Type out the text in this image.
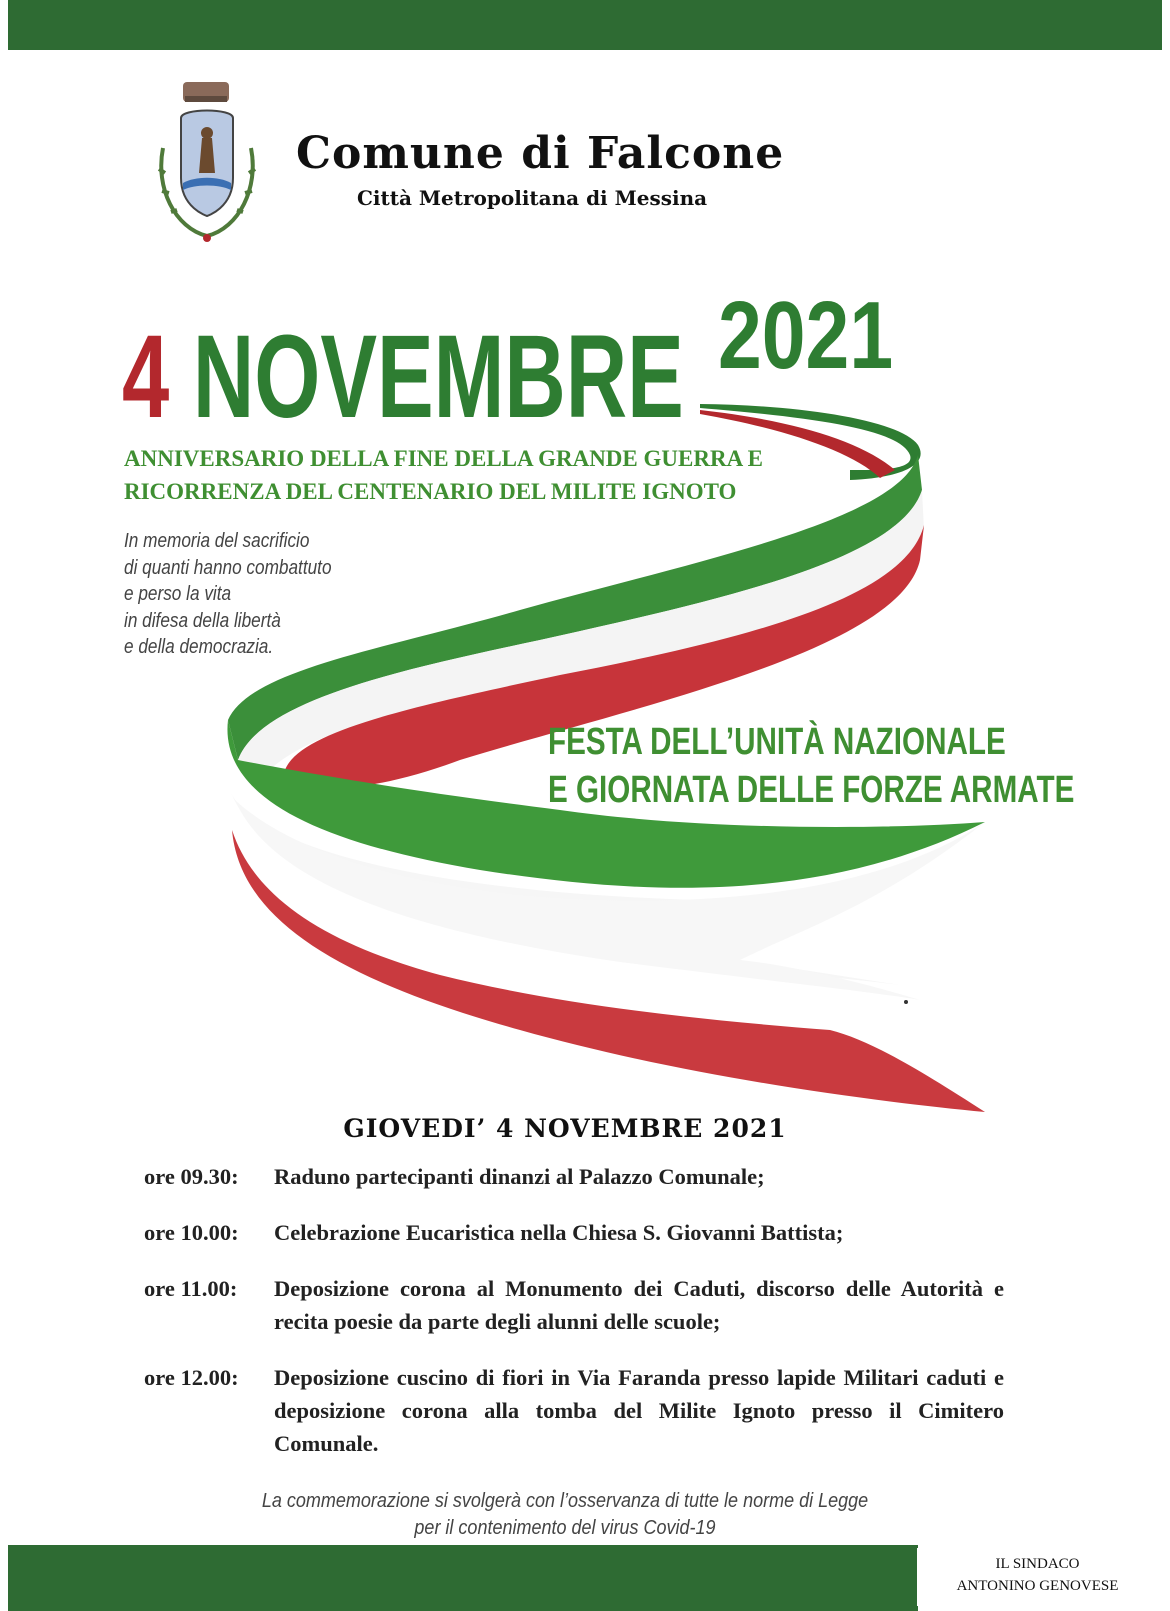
Comune di Falcone
Città Metropolitana di Messina
4 NOVEMBRE 2021
ANNIVERSARIO DELLA FINE DELLA GRANDE GUERRA E
RICORRENZA DEL CENTENARIO DEL MILITE IGNOTO
In memoria del sacrificio
di quanti hanno combattuto
e perso la vita
in difesa della libertà
e della democrazia.
FESTA DELL’UNITÀ NAZIONALE
E GIORNATA DELLE FORZE ARMATE
GIOVEDI’ 4 NOVEMBRE 2021
ore 09.30:	Raduno partecipanti dinanzi al Palazzo Comunale;
ore 10.00:	Celebrazione Eucaristica nella Chiesa S. Giovanni Battista;
ore 11.00:	Deposizione corona al Monumento dei Caduti, discorso delle Autorità e recita poesie da parte degli alunni delle scuole;
ore 12.00:	Deposizione cuscino di fiori in Via Faranda presso lapide Militari caduti e deposizione corona alla tomba del Milite Ignoto presso il Cimitero Comunale.
La commemorazione si svolgerà con l’osservanza di tutte le norme di Legge
per il contenimento del virus Covid-19
IL SINDACO
ANTONINO GENOVESE
